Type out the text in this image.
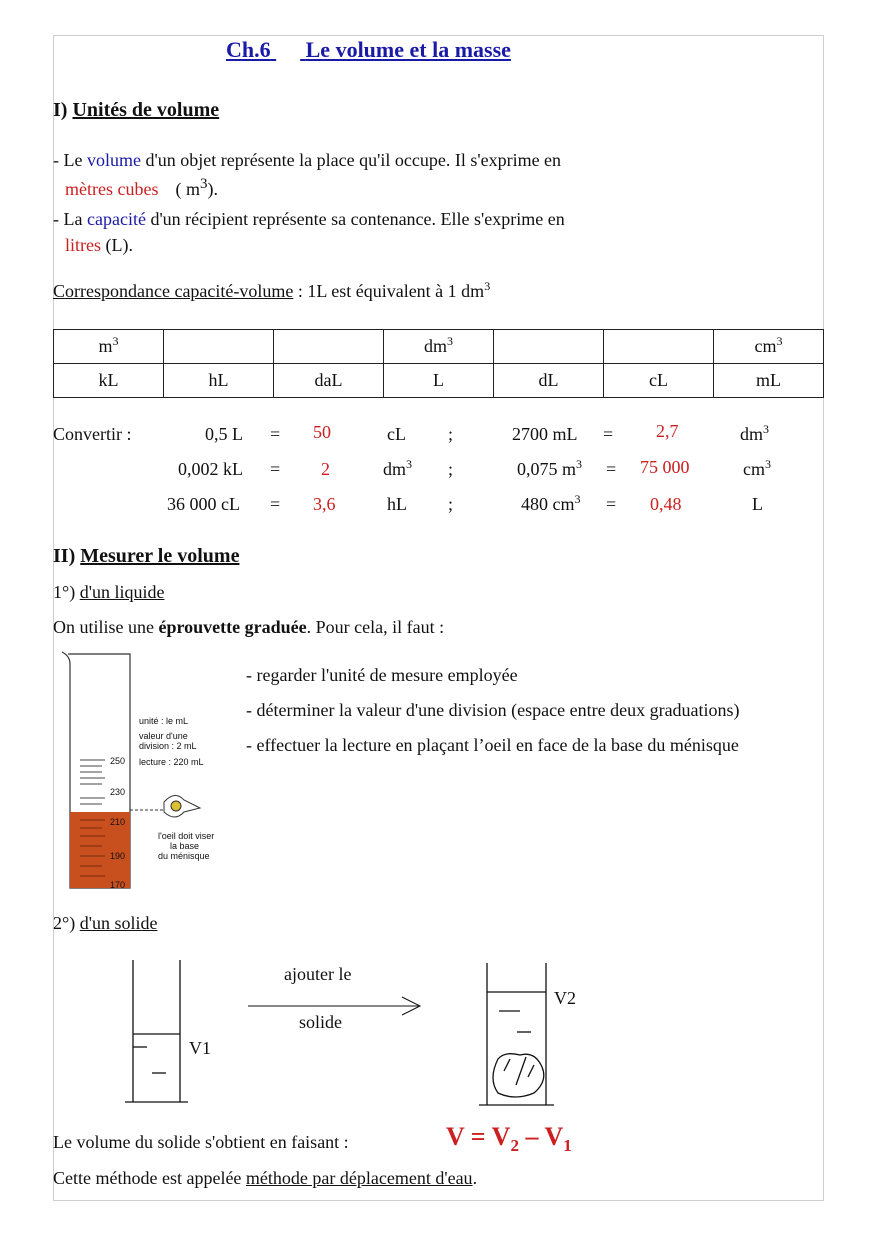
Ch.6 Le volume et la masse
I) Unités de volume
- Le volume d'un objet représente la place qu'il occupe. Il s'exprime en
mètres cubes ( $m^3$).
- La capacité d'un récipient représente sa contenance. Elle s'exprime en
litres (L).
Correspondance capacité-volume : 1L est équivalent à 1 $dm^3$
$m^3$			$dm^3$			$cm^3$
kL	hL	daL	L	dL	cL	mL
Convertir :	0,5 L = 50	cL ;	2700 mL = 2,7	$dm^3$
0,002 kL = 2	$dm^3$ ;	0,075 $m^3 = 75$ 000	$cm^3$
36 000 cL = 3,6	hL ;	480 $cm^3 = 0,48$	L
II) Mesurer le volume
1°) d'un liquide
On utilise une éprouvette graduée. Pour cela, il faut :
unité : le mL
valeur d'une
division : 2 mL
lecture : 220 mL
250
230
210
190
170
l'oeil doit viser
la base
du ménisque
- regarder l'unité de mesure employée
- déterminer la valeur d'une division (espace entre deux graduations)
- effectuer la lecture en plaçant l’oeil en face de la base du ménisque
2°) d'un solide
ajouter le
solide
V1
V2
Le volume du solide s'obtient en faisant :	$V = V_2 - V_1$
Cette méthode est appelée méthode par déplacement d'eau.
